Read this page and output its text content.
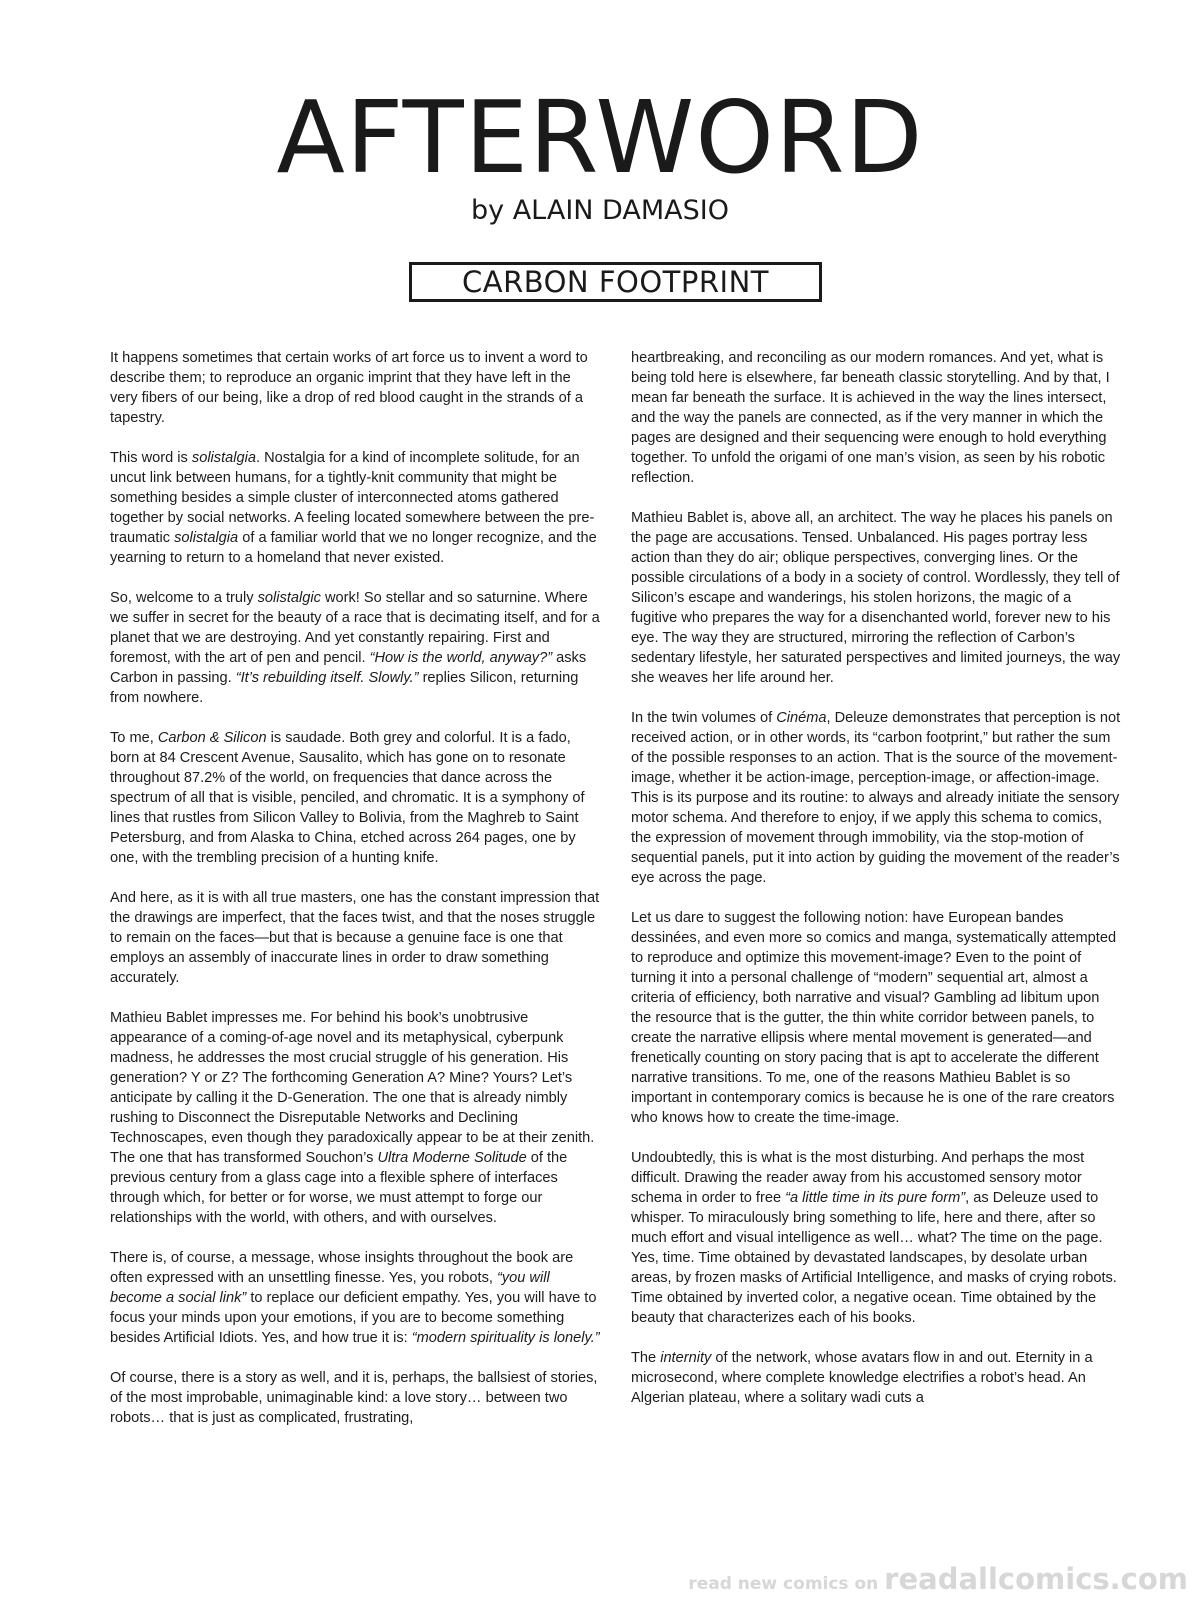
AFTERWORD
by ALAIN DAMASIO
CARBON FOOTPRINT

It happens sometimes that certain works of art force us to invent a word to describe them; to reproduce an organic imprint that they have left in the very fibers of our being, like a drop of red blood caught in the strands of a tapestry.

This word is solistalgia. Nostalgia for a kind of incomplete solitude, for an uncut link between humans, for a tightly-knit community that might be something besides a simple cluster of interconnected atoms gathered together by social networks. A feeling located somewhere between the pre-traumatic solistalgia of a familiar world that we no longer recognize, and the yearning to return to a homeland that never existed.

So, welcome to a truly solistalgic work! So stellar and so saturnine. Where we suffer in secret for the beauty of a race that is decimating itself, and for a planet that we are destroying. And yet constantly repairing. First and foremost, with the art of pen and pencil. “How is the world, anyway?” asks Carbon in passing. “It’s rebuilding itself. Slowly.” replies Silicon, returning from nowhere.

To me, Carbon & Silicon is saudade. Both grey and colorful. It is a fado, born at 84 Crescent Avenue, Sausalito, which has gone on to resonate throughout 87.2% of the world, on frequencies that dance across the spectrum of all that is visible, penciled, and chromatic. It is a symphony of lines that rustles from Silicon Valley to Bolivia, from the Maghreb to Saint Petersburg, and from Alaska to China, etched across 264 pages, one by one, with the trembling precision of a hunting knife.

And here, as it is with all true masters, one has the constant impression that the drawings are imperfect, that the faces twist, and that the noses struggle to remain on the faces—but that is because a genuine face is one that employs an assembly of inaccurate lines in order to draw something accurately.

Mathieu Bablet impresses me. For behind his book’s unobtrusive appearance of a coming-of-age novel and its metaphysical, cyberpunk madness, he addresses the most crucial struggle of his generation. His generation? Y or Z? The forthcoming Generation A? Mine? Yours? Let’s anticipate by calling it the D-Generation. The one that is already nimbly rushing to Disconnect the Disreputable Networks and Declining Technoscapes, even though they paradoxically appear to be at their zenith. The one that has transformed Souchon’s Ultra Moderne Solitude of the previous century from a glass cage into a flexible sphere of interfaces through which, for better or for worse, we must attempt to forge our relationships with the world, with others, and with ourselves.

There is, of course, a message, whose insights throughout the book are often expressed with an unsettling finesse. Yes, you robots, “you will become a social link” to replace our deficient empathy. Yes, you will have to focus your minds upon your emotions, if you are to become something besides Artificial Idiots. Yes, and how true it is: “modern spirituality is lonely.”

Of course, there is a story as well, and it is, perhaps, the ballsiest of stories, of the most improbable, unimaginable kind: a love story… between two robots… that is just as complicated, frustrating,

heartbreaking, and reconciling as our modern romances. And yet, what is being told here is elsewhere, far beneath classic storytelling. And by that, I mean far beneath the surface. It is achieved in the way the lines intersect, and the way the panels are connected, as if the very manner in which the pages are designed and their sequencing were enough to hold everything together. To unfold the origami of one man’s vision, as seen by his robotic reflection.

Mathieu Bablet is, above all, an architect. The way he places his panels on the page are accusations. Tensed. Unbalanced. His pages portray less action than they do air; oblique perspectives, converging lines. Or the possible circulations of a body in a society of control. Wordlessly, they tell of Silicon’s escape and wanderings, his stolen horizons, the magic of a fugitive who prepares the way for a disenchanted world, forever new to his eye. The way they are structured, mirroring the reflection of Carbon’s sedentary lifestyle, her saturated perspectives and limited journeys, the way she weaves her life around her.

In the twin volumes of Cinéma, Deleuze demonstrates that perception is not received action, or in other words, its “carbon footprint,” but rather the sum of the possible responses to an action. That is the source of the movement-image, whether it be action-image, perception-image, or affection-image. This is its purpose and its routine: to always and already initiate the sensory motor schema. And therefore to enjoy, if we apply this schema to comics, the expression of movement through immobility, via the stop-motion of sequential panels, put it into action by guiding the movement of the reader’s eye across the page.

Let us dare to suggest the following notion: have European bandes dessinées, and even more so comics and manga, systematically attempted to reproduce and optimize this movement-image? Even to the point of turning it into a personal challenge of “modern” sequential art, almost a criteria of efficiency, both narrative and visual? Gambling ad libitum upon the resource that is the gutter, the thin white corridor between panels, to create the narrative ellipsis where mental movement is generated—and frenetically counting on story pacing that is apt to accelerate the different narrative transitions. To me, one of the reasons Mathieu Bablet is so important in contemporary comics is because he is one of the rare creators who knows how to create the time-image.

Undoubtedly, this is what is the most disturbing. And perhaps the most difficult. Drawing the reader away from his accustomed sensory motor schema in order to free “a little time in its pure form”, as Deleuze used to whisper. To miraculously bring something to life, here and there, after so much effort and visual intelligence as well… what? The time on the page. Yes, time. Time obtained by devastated landscapes, by desolate urban areas, by frozen masks of Artificial Intelligence, and masks of crying robots. Time obtained by inverted color, a negative ocean. Time obtained by the beauty that characterizes each of his books.

The internity of the network, whose avatars flow in and out. Eternity in a microsecond, where complete knowledge electrifies a robot’s head. An Algerian plateau, where a solitary wadi cuts a

read new comics on readallcomics.com
